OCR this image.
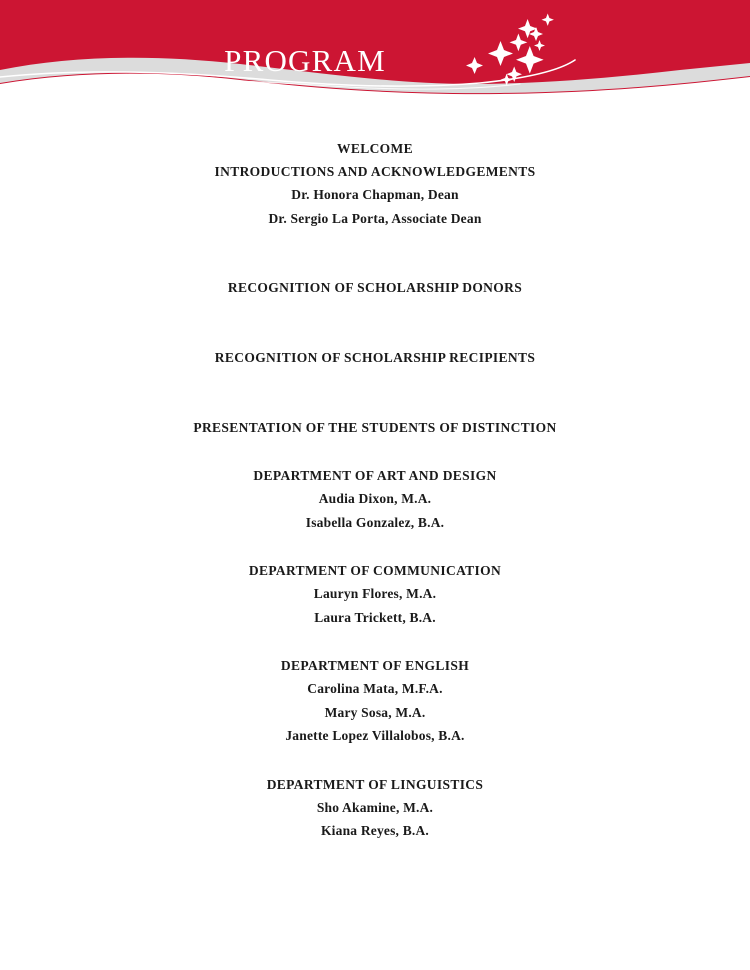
PROGRAM
WELCOME
INTRODUCTIONS AND ACKNOWLEDGEMENTS
Dr. Honora Chapman, Dean
Dr. Sergio La Porta, Associate Dean
RECOGNITION OF SCHOLARSHIP DONORS
RECOGNITION OF SCHOLARSHIP RECIPIENTS
PRESENTATION OF THE STUDENTS OF DISTINCTION
DEPARTMENT OF ART AND DESIGN
Audia Dixon, M.A.
Isabella Gonzalez, B.A.
DEPARTMENT OF COMMUNICATION
Lauryn Flores, M.A.
Laura Trickett, B.A.
DEPARTMENT OF ENGLISH
Carolina Mata, M.F.A.
Mary Sosa, M.A.
Janette Lopez Villalobos, B.A.
DEPARTMENT OF LINGUISTICS
Sho Akamine, M.A.
Kiana Reyes, B.A.
